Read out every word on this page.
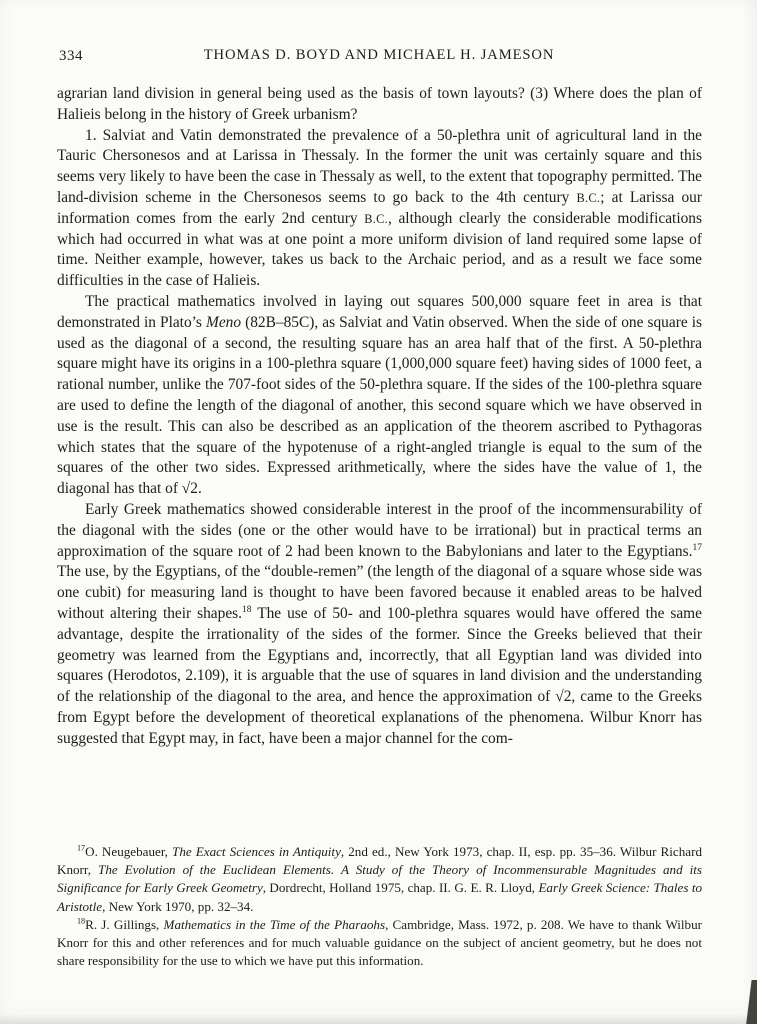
334	THOMAS D. BOYD AND MICHAEL H. JAMESON

agrarian land division in general being used as the basis of town layouts? (3) Where does the plan of Halieis belong in the history of Greek urbanism?

1. Salviat and Vatin demonstrated the prevalence of a 50-plethra unit of agricultural land in the Tauric Chersonesos and at Larissa in Thessaly. In the former the unit was certainly square and this seems very likely to have been the case in Thessaly as well, to the extent that topography permitted. The land-division scheme in the Chersonesos seems to go back to the 4th century B.C.; at Larissa our information comes from the early 2nd century B.C., although clearly the considerable modifications which had occurred in what was at one point a more uniform division of land required some lapse of time. Neither example, however, takes us back to the Archaic period, and as a result we face some difficulties in the case of Halieis.

The practical mathematics involved in laying out squares 500,000 square feet in area is that demonstrated in Plato’s Meno (82B–85C), as Salviat and Vatin observed. When the side of one square is used as the diagonal of a second, the resulting square has an area half that of the first. A 50-plethra square might have its origins in a 100-plethra square (1,000,000 square feet) having sides of 1000 feet, a rational number, unlike the 707-foot sides of the 50-plethra square. If the sides of the 100-plethra square are used to define the length of the diagonal of another, this second square which we have observed in use is the result. This can also be described as an application of the theorem ascribed to Pythagoras which states that the square of the hypotenuse of a right-angled triangle is equal to the sum of the squares of the other two sides. Expressed arithmetically, where the sides have the value of 1, the diagonal has that of √2.

Early Greek mathematics showed considerable interest in the proof of the incommensurability of the diagonal with the sides (one or the other would have to be irrational) but in practical terms an approximation of the square root of 2 had been known to the Babylonians and later to the Egyptians.$^{17}$ The use, by the Egyptians, of the “double-remen” (the length of the diagonal of a square whose side was one cubit) for measuring land is thought to have been favored because it enabled areas to be halved without altering their shapes.$^{18}$ The use of 50- and 100-plethra squares would have offered the same advantage, despite the irrationality of the sides of the former. Since the Greeks believed that their geometry was learned from the Egyptians and, incorrectly, that all Egyptian land was divided into squares (Herodotos, 2.109), it is arguable that the use of squares in land division and the understanding of the relationship of the diagonal to the area, and hence the approximation of √2, came to the Greeks from Egypt before the development of theoretical explanations of the phenomena. Wilbur Knorr has suggested that Egypt may, in fact, have been a major channel for the com-

$^{17}$O. Neugebauer, The Exact Sciences in Antiquity, 2nd ed., New York 1973, chap. II, esp. pp. 35–36. Wilbur Richard Knorr, The Evolution of the Euclidean Elements. A Study of the Theory of Incommensurable Magnitudes and its Significance for Early Greek Geometry, Dordrecht, Holland 1975, chap. II. G. E. R. Lloyd, Early Greek Science: Thales to Aristotle, New York 1970, pp. 32–34.

$^{18}$R. J. Gillings, Mathematics in the Time of the Pharaohs, Cambridge, Mass. 1972, p. 208. We have to thank Wilbur Knorr for this and other references and for much valuable guidance on the subject of ancient geometry, but he does not share responsibility for the use to which we have put this information.
